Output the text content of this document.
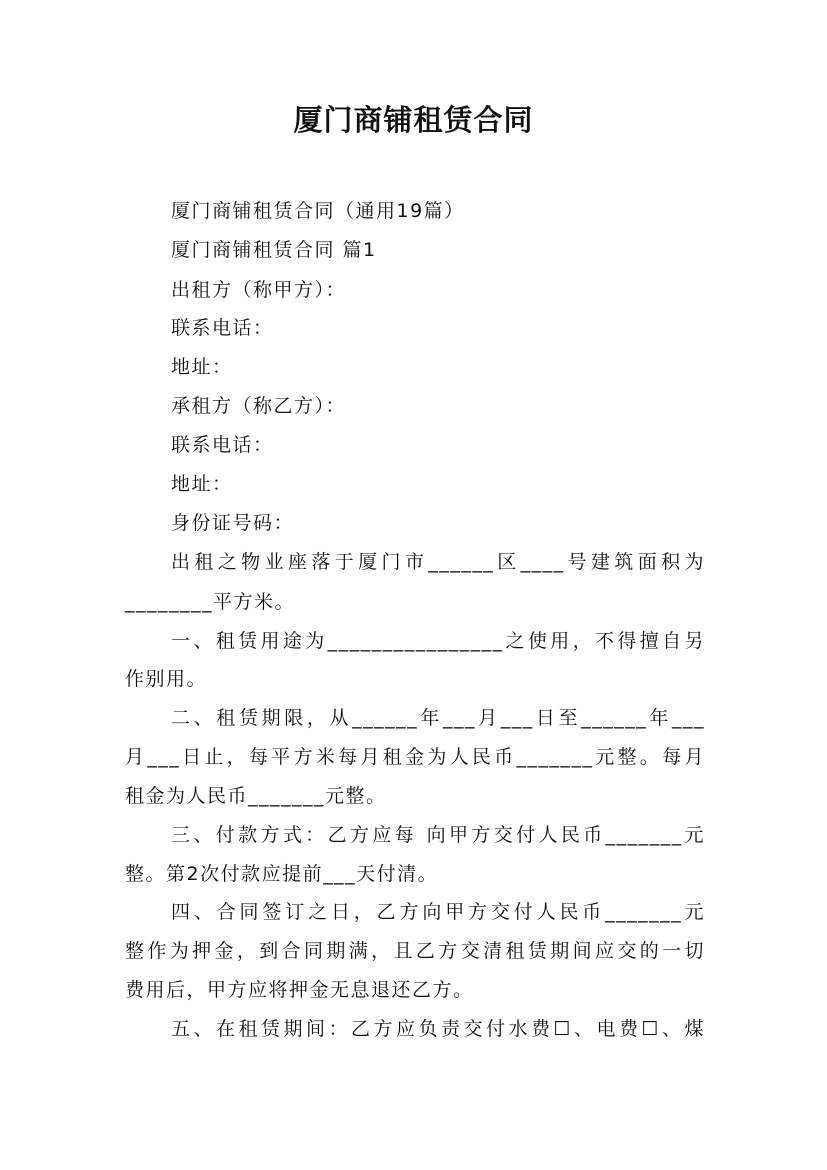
厦门商铺租赁合同
厦门商铺租赁合同（通用19篇）
厦门商铺租赁合同 篇1
出租方（称甲方）：
联系电话：
地址：
承租方（称乙方）：
联系电话：
地址：
身份证号码：
出租之物业座落于厦门市______区____号建筑面积为
________平方米。
一、租赁用途为________________之使用，不得擅自另
作别用。
二、租赁期限，从______年___月___日至______年___
月___日止，每平方米每月租金为人民币_______元整。每月
租金为人民币_______元整。
三、付款方式：乙方应每 向甲方交付人民币_______元
整。第2次付款应提前___天付清。
四、合同签订之日，乙方向甲方交付人民币_______元
整作为押金，到合同期满，且乙方交清租赁期间应交的一切
费用后，甲方应将押金无息退还乙方。
五、在租赁期间：乙方应负责交付水费☐、电费☐、煤
